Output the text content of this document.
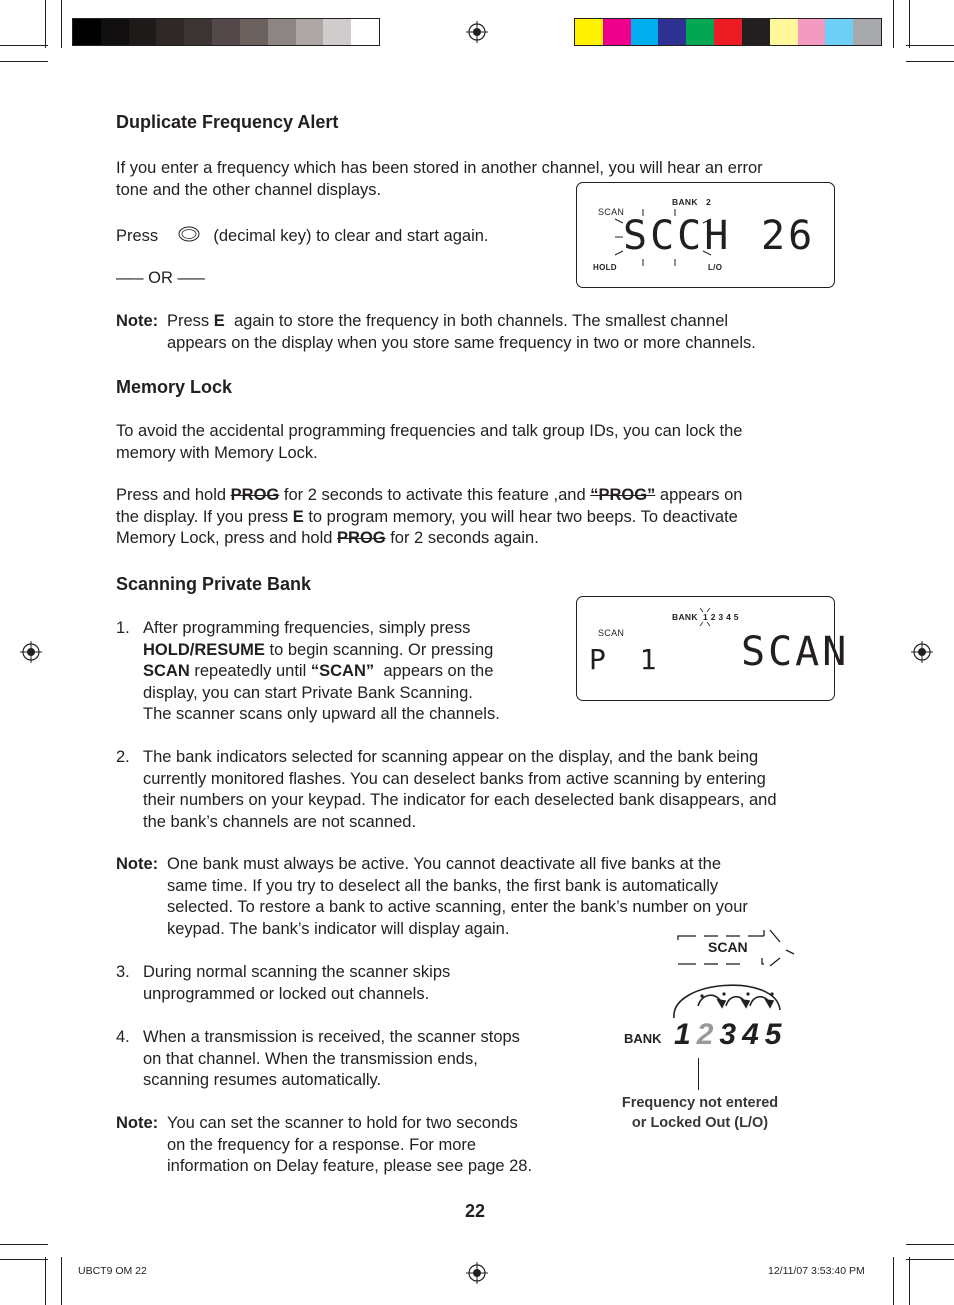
Duplicate Frequency Alert
If you enter a frequency which has been stored in another channel, you will hear an error
tone and the other channel displays.
Press	(decimal key) to clear and start again.
––– OR –––
Note: Press E again to store the frequency in both channels. The smallest channel
appears on the display when you store same frequency in two or more channels.
SCAN
BANK 2
HOLD	L/O
SCCH 26
Memory Lock
To avoid the accidental programming frequencies and talk group IDs, you can lock the
memory with Memory Lock.
Press and hold PROG for 2 seconds to activate this feature ,and “PROG” appears on
the display. If you press E to program memory, you will hear two beeps. To deactivate
Memory Lock, press and hold PROG for 2 seconds again.
Scanning Private Bank
1. After programming frequencies, simply press
HOLD/RESUME to begin scanning. Or pressing
SCAN repeatedly until “SCAN” appears on the
display, you can start Private Bank Scanning.
The scanner scans only upward all the channels.
BANK 1 2 3 4 5
SCAN
P  1 SCAN
2. The bank indicators selected for scanning appear on the display, and the bank being
currently monitored flashes. You can deselect banks from active scanning by entering
their numbers on your keypad. The indicator for each deselected bank disappears, and
the bank’s channels are not scanned.
Note: One bank must always be active. You cannot deactivate all five banks at the
same time. If you try to deselect all the banks, the first bank is automatically
selected. To restore a bank to active scanning, enter the bank’s number on your
keypad. The bank’s indicator will display again.
3. During normal scanning the scanner skips
unprogrammed or locked out channels.
4. When a transmission is received, the scanner stops
on that channel. When the transmission ends,
scanning resumes automatically.
Note: You can set the scanner to hold for two seconds
on the frequency for a response. For more
information on Delay feature, please see page 28.
SCAN
BANK 12345
Frequency not entered
or Locked Out (L/O)
22
UBCT9 OM 22	12/11/07 3:53:40 PM
